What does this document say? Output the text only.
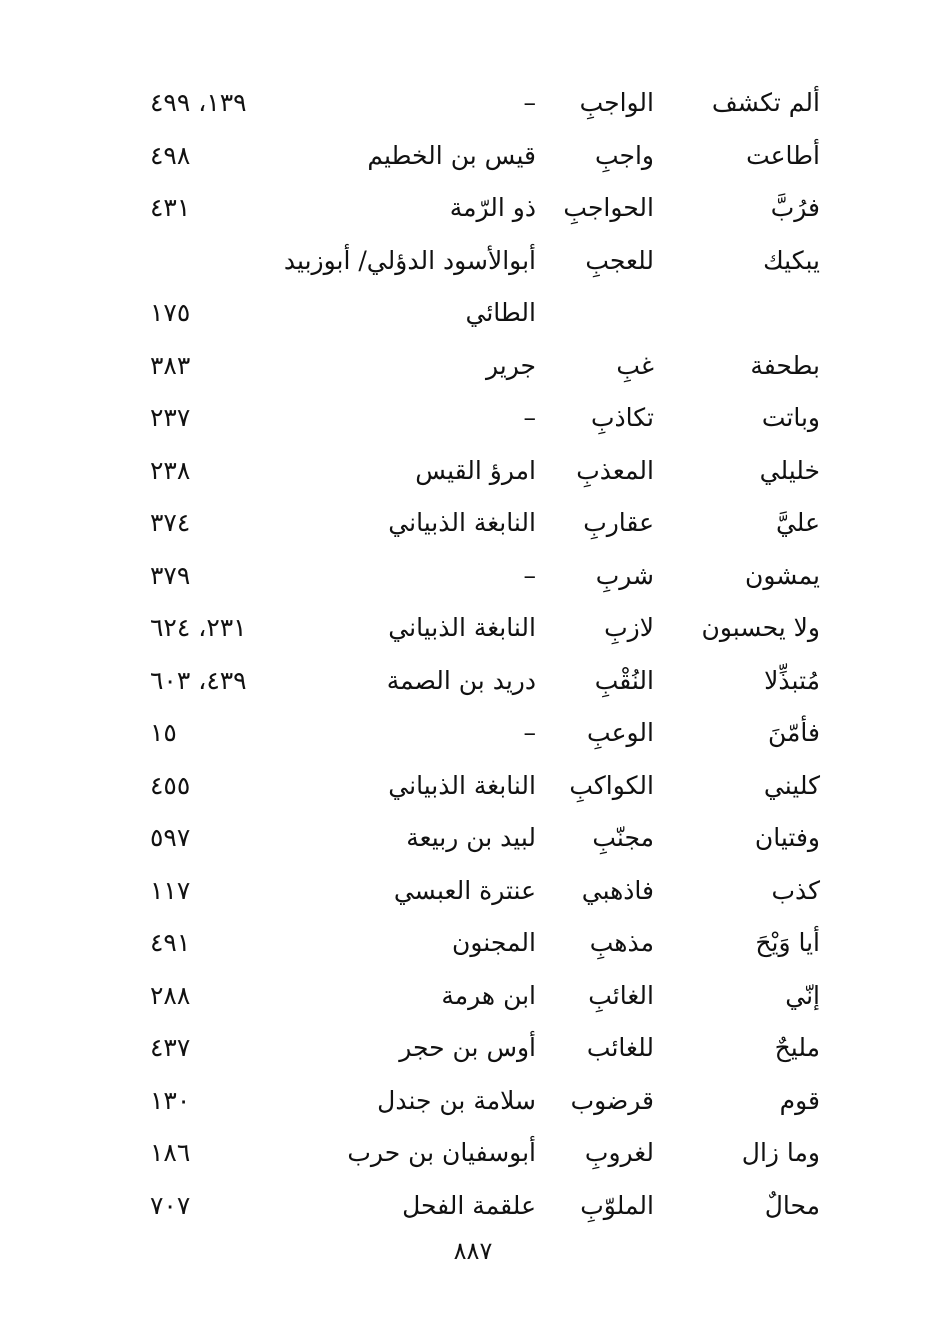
ألم تكشف
الواجبِ
–
١٣٩، ٤٩٩
أطاعت
واجبِ
قيس بن الخطيم
٤٩٨
فرُبَّ
الحواجبِ
ذو الرّمة
٤٣١
يبكيك
للعجبِ
أبوالأسود الدؤلي/ أبوزبيد
الطائي
١٧٥
بطحفة
غبِ
جرير
٣٨٣
وباتت
تكاذبِ
–
٢٣٧
خليلي
المعذبِ
امرؤ القيس
٢٣٨
عليَّ
عقاربِ
النابغة الذبياني
٣٧٤
يمشون
شربِ
–
٣٧٩
ولا يحسبون
لازبِ
النابغة الذبياني
٢٣١، ٦٢٤
مُتبذِّلا
النُقْبِ
دريد بن الصمة
٤٣٩، ٦٠٣
فأمّنَ
الوعبِ
–
١٥
كليني
الكواكبِ
النابغة الذبياني
٤٥٥
وفتيان
مجنّبِ
لبيد بن ربيعة
٥٩٧
كذب
فاذهبي
عنترة العبسي
١١٧
أيا وَيْحَ
مذهبِ
المجنون
٤٩١
إنّي
الغائبِ
ابن هرمة
٢٨٨
مليحٌ
للغائب
أوس بن حجر
٤٣٧
قوم
قرضوب
سلامة بن جندل
١٣٠
وما زال
لغروبِ
أبوسفيان بن حرب
١٨٦
محالٌ
الملوّبِ
علقمة الفحل
٧٠٧
٨٨٧
